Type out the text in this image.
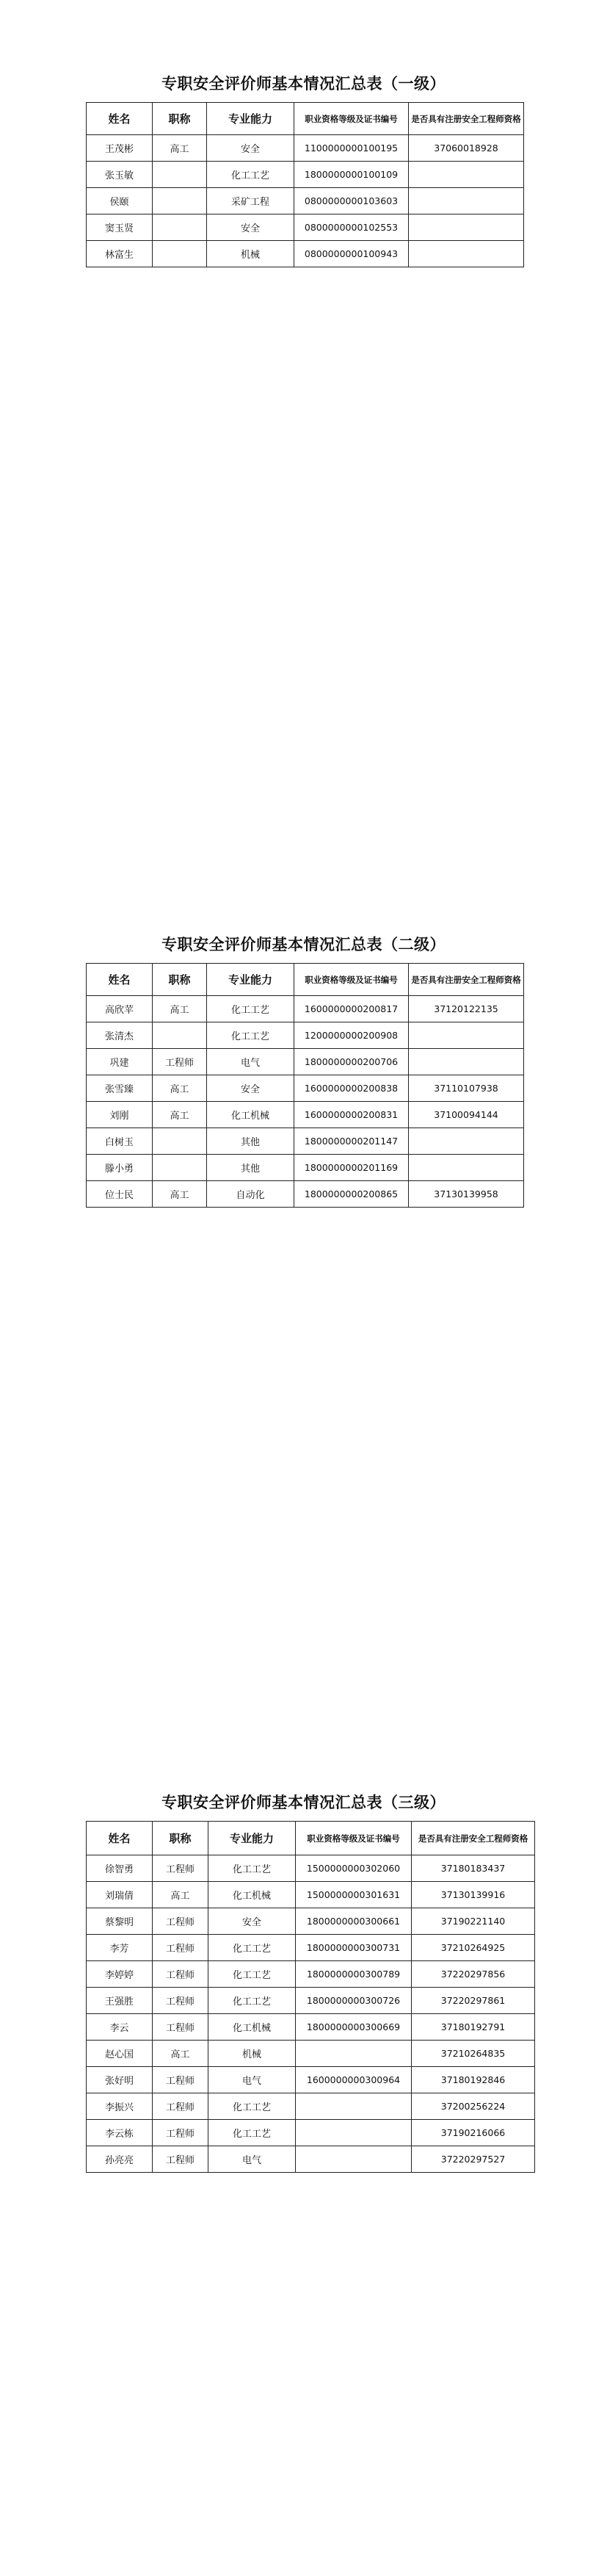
专职安全评价师基本情况汇总表（一级）
姓名	职称	专业能力	职业资格等级及证书编号	是否具有注册安全工程师资格
王茂彬	高工	安全	1100000000100195	37060018928
张玉敏		化工工艺	1800000000100109	
侯颐		采矿工程	0800000000103603	
窦玉贤		安全	0800000000102553	
林富生		机械	0800000000100943	
专职安全评价师基本情况汇总表（二级）
姓名	职称	专业能力	职业资格等级及证书编号	是否具有注册安全工程师资格
高欣苹	高工	化工工艺	1600000000200817	37120122135
张清杰		化工工艺	1200000000200908	
巩建	工程师	电气	1800000000200706	
张雪臻	高工	安全	1600000000200838	37110107938
刘刚	高工	化工机械	1600000000200831	37100094144
白树玉		其他	1800000000201147	
滕小勇		其他	1800000000201169	
位士民	高工	自动化	1800000000200865	37130139958
专职安全评价师基本情况汇总表（三级）
姓名	职称	专业能力	职业资格等级及证书编号	是否具有注册安全工程师资格
徐智勇	工程师	化工工艺	1500000000302060	37180183437
刘瑞倩	高工	化工机械	1500000000301631	37130139916
蔡黎明	工程师	安全	1800000000300661	37190221140
李芳	工程师	化工工艺	1800000000300731	37210264925
李婷婷	工程师	化工工艺	1800000000300789	37220297856
王强胜	工程师	化工工艺	1800000000300726	37220297861
李云	工程师	化工机械	1800000000300669	37180192791
赵心国	高工	机械		37210264835
张好明	工程师	电气	1600000000300964	37180192846
李振兴	工程师	化工工艺		37200256224
李云栋	工程师	化工工艺		37190216066
孙亮亮	工程师	电气		37220297527
